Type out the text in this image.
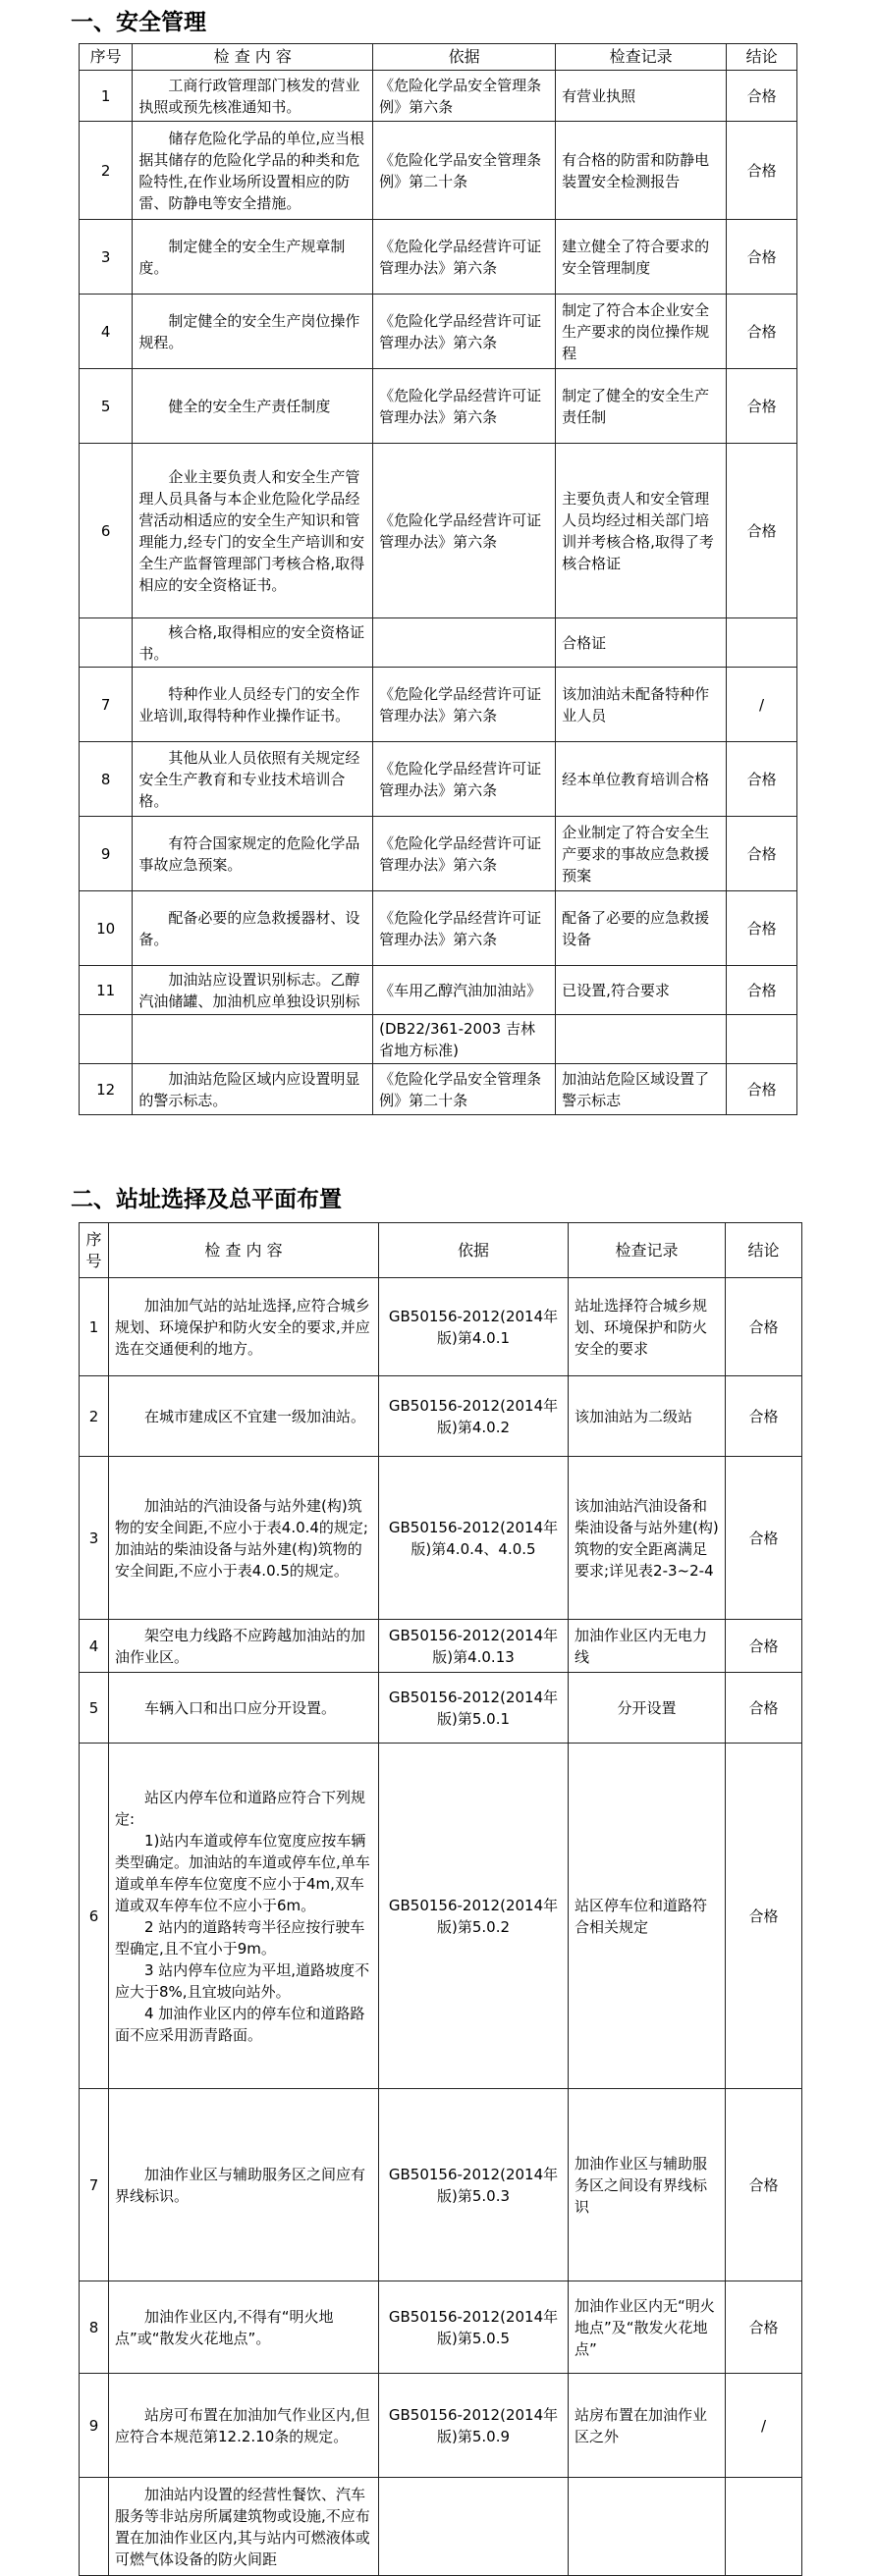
一、安全管理
序号	检 查 内 容	依据	检查记录	结论
1	工商行政管理部门核发的营业执照或预先核准通知书。	《危险化学品安全管理条例》第六条	有营业执照	合格
2	储存危险化学品的单位,应当根据其储存的危险化学品的种类和危险特性,在作业场所设置相应的防雷、防静电等安全措施。	《危险化学品安全管理条例》第二十条	有合格的防雷和防静电装置安全检测报告	合格
3	制定健全的安全生产规章制度。	《危险化学品经营许可证管理办法》第六条	建立健全了符合要求的安全管理制度	合格
4	制定健全的安全生产岗位操作规程。	《危险化学品经营许可证管理办法》第六条	制定了符合本企业安全生产要求的岗位操作规程	合格
5	健全的安全生产责任制度	《危险化学品经营许可证管理办法》第六条	制定了健全的安全生产责任制	合格
6	企业主要负责人和安全生产管理人员具备与本企业危险化学品经营活动相适应的安全生产知识和管理能力,经专门的安全生产培训和安全生产监督管理部门考核合格,取得相应的安全资格证书。	《危险化学品经营许可证管理办法》第六条	主要负责人和安全管理人员均经过相关部门培训并考核合格,取得了考核合格证	合格
	核合格,取得相应的安全资格证书。		合格证	
7	特种作业人员经专门的安全作业培训,取得特种作业操作证书。	《危险化学品经营许可证管理办法》第六条	该加油站未配备特种作业人员	/
8	其他从业人员依照有关规定经安全生产教育和专业技术培训合格。	《危险化学品经营许可证管理办法》第六条	经本单位教育培训合格	合格
9	有符合国家规定的危险化学品事故应急预案。	《危险化学品经营许可证管理办法》第六条	企业制定了符合安全生产要求的事故应急救援预案	合格
10	配备必要的应急救援器材、设备。	《危险化学品经营许可证管理办法》第六条	配备了必要的应急救援设备	合格
11	加油站应设置识别标志。乙醇汽油储罐、加油机应单独设识别标	《车用乙醇汽油加油站》	已设置,符合要求	合格
		(DB22/361-2003 吉林省地方标准)		
12	加油站危险区域内应设置明显的警示标志。	《危险化学品安全管理条例》第二十条	加油站危险区域设置了警示标志	合格
二、站址选择及总平面布置
序号	检 查 内 容	依据	检查记录	结论
1	加油加气站的站址选择,应符合城乡规划、环境保护和防火安全的要求,并应选在交通便利的地方。	GB50156-2012(2014年版)第4.0.1	站址选择符合城乡规划、环境保护和防火安全的要求	合格
2	在城市建成区不宜建一级加油站。	GB50156-2012(2014年版)第4.0.2	该加油站为二级站	合格
3	加油站的汽油设备与站外建(构)筑物的安全间距,不应小于表4.0.4的规定;加油站的柴油设备与站外建(构)筑物的安全间距,不应小于表4.0.5的规定。	GB50156-2012(2014年版)第4.0.4、4.0.5	该加油站汽油设备和柴油设备与站外建(构)筑物的安全距离满足要求;详见表2-3~2-4	合格
4	架空电力线路不应跨越加油站的加油作业区。	GB50156-2012(2014年版)第4.0.13	加油作业区内无电力线	合格
5	车辆入口和出口应分开设置。	GB50156-2012(2014年版)第5.0.1	分开设置	合格
6	站区内停车位和道路应符合下列规定:
1)站内车道或停车位宽度应按车辆类型确定。加油站的车道或停车位,单车道或单车停车位宽度不应小于4m,双车道或双车停车位不应小于6m。
2 站内的道路转弯半径应按行驶车型确定,且不宜小于9m。
3 站内停车位应为平坦,道路坡度不应大于8%,且宜坡向站外。
4 加油作业区内的停车位和道路路面不应采用沥青路面。	GB50156-2012(2014年版)第5.0.2	站区停车位和道路符合相关规定	合格
7	加油作业区与辅助服务区之间应有界线标识。	GB50156-2012(2014年版)第5.0.3	加油作业区与辅助服务区之间设有界线标识	合格
8	加油作业区内,不得有“明火地点”或“散发火花地点”。	GB50156-2012(2014年版)第5.0.5	加油作业区内无“明火地点”及“散发火花地点”	合格
9	站房可布置在加油加气作业区内,但应符合本规范第12.2.10条的规定。	GB50156-2012(2014年版)第5.0.9	站房布置在加油作业区之外	/
	加油站内设置的经营性餐饮、汽车服务等非站房所属建筑物或设施,不应布置在加油作业区内,其与站内可燃液体或可燃气体设备的防火间距			
